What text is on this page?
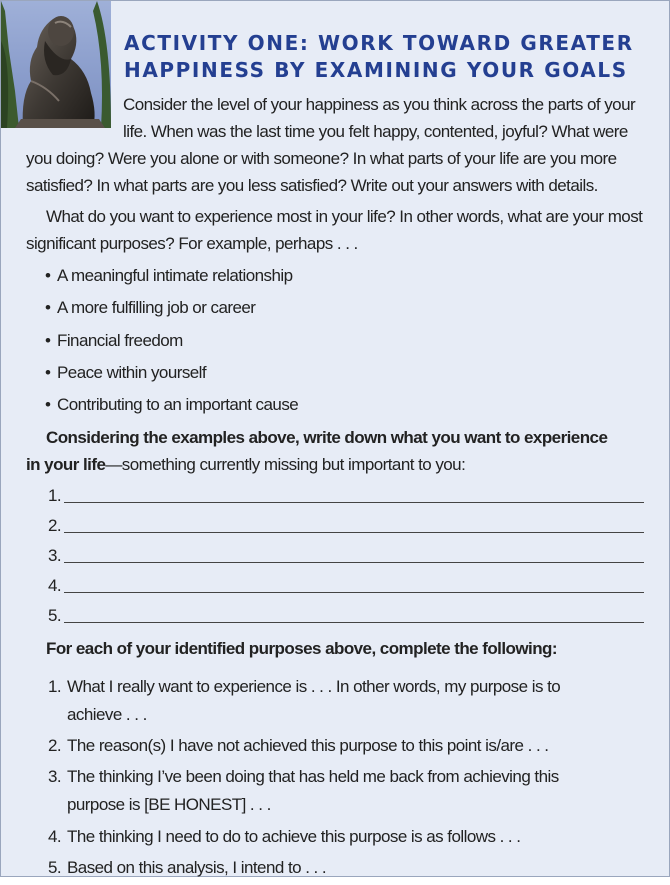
ACTIVITY ONE: WORK TOWARD GREATER
HAPPINESS BY EXAMINING YOUR GOALS

Consider the level of your happiness as you think across the parts of your
life. When was the last time you felt happy, contented, joyful? What were

you doing? Were you alone or with someone? In what parts of your life are you more
satisfied? In what parts are you less satisfied? Write out your answers with details.

What do you want to experience most in your life? In other words, what are your most
significant purposes? For example, perhaps . . .

• A meaningful intimate relationship
• A more fulfilling job or career
• Financial freedom
• Peace within yourself
• Contributing to an important cause

Considering the examples above, write down what you want to experience
in your life—something currently missing but important to you:

1.
2.
3.
4.
5.

For each of your identified purposes above, complete the following:

1. What I really want to experience is . . . In other words, my purpose is to achieve . . .
2. The reason(s) I have not achieved this purpose to this point is/are . . .
3. The thinking I’ve been doing that has held me back from achieving this purpose is [BE HONEST] . . .
4. The thinking I need to do to achieve this purpose is as follows . . .
5. Based on this analysis, I intend to . . .
